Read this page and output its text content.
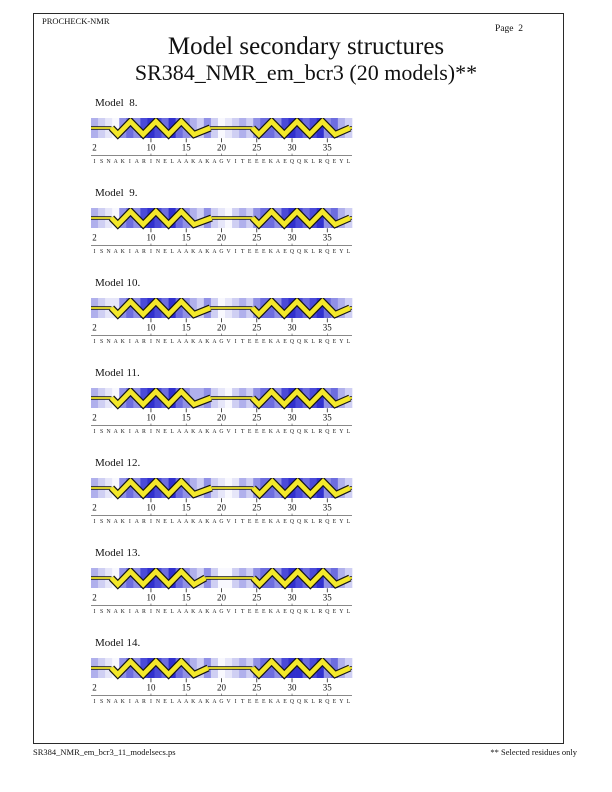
PROCHECK-NMR
Page  2
Model secondary structures
SR384_NMR_em_bcr3 (20 models)**
Model  8.
2	10	15	20	25	30	35
I S N A K I A R I N E L A A K A K A G V I T E E E K A E Q Q K L R Q E Y L
Model  9.
2	10	15	20	25	30	35
I S N A K I A R I N E L A A K A K A G V I T E E E K A E Q Q K L R Q E Y L
Model 10.
2	10	15	20	25	30	35
I S N A K I A R I N E L A A K A K A G V I T E E E K A E Q Q K L R Q E Y L
Model 11.
2	10	15	20	25	30	35
I S N A K I A R I N E L A A K A K A G V I T E E E K A E Q Q K L R Q E Y L
Model 12.
2	10	15	20	25	30	35
I S N A K I A R I N E L A A K A K A G V I T E E E K A E Q Q K L R Q E Y L
Model 13.
2	10	15	20	25	30	35
I S N A K I A R I N E L A A K A K A G V I T E E E K A E Q Q K L R Q E Y L
Model 14.
2	10	15	20	25	30	35
I S N A K I A R I N E L A A K A K A G V I T E E E K A E Q Q K L R Q E Y L
SR384_NMR_em_bcr3_11_modelsecs.ps	** Selected residues only
